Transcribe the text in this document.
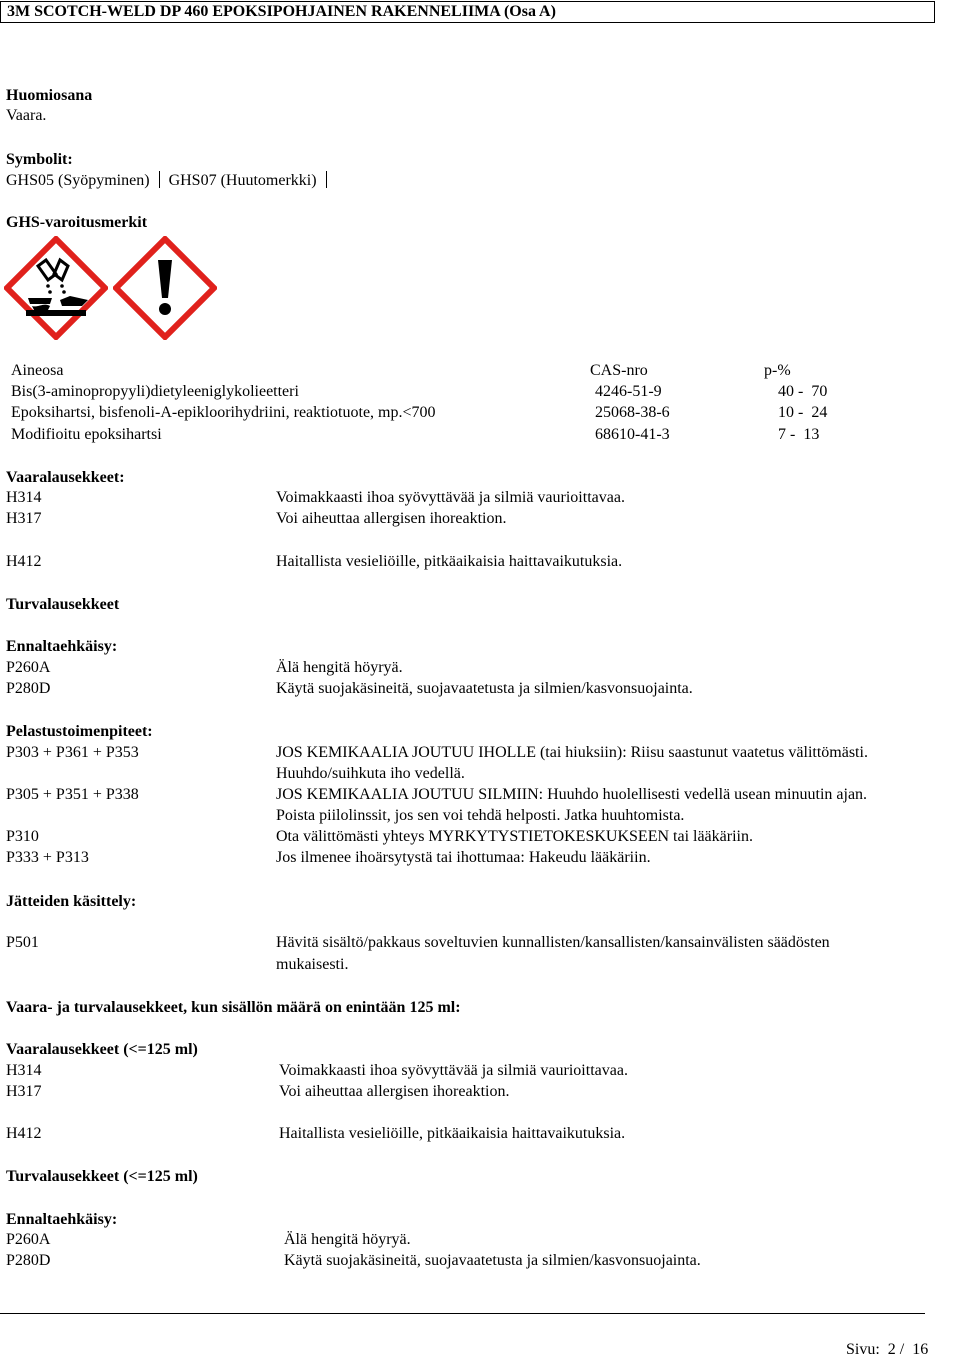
3M SCOTCH-WELD DP 460 EPOKSIPOHJAINEN RAKENNELIIMA (Osa A)
Huomiosana
Vaara.
Symbolit:
GHS05 (Syöpyminen) GHS07 (Huutomerkki)
GHS-varoitusmerkit
Aineosa	CAS-nro	p-%
Bis(3-aminopropyyli)dietyleeniglykolieetteri	4246-51-9	40 -  70
Epoksihartsi, bisfenoli-A-epikloorihydriini, reaktiotuote, mp.<700	25068-38-6	10 -  24
Modifioitu epoksihartsi	68610-41-3	7 -  13
Vaaralausekkeet:
H314	Voimakkaasti ihoa syövyttävää ja silmiä vaurioittavaa.
H317	Voi aiheuttaa allergisen ihoreaktion.
H412	Haitallista vesieliöille, pitkäaikaisia haittavaikutuksia.
Turvalausekkeet
Ennaltaehkäisy:
P260A	Älä hengitä höyryä.
P280D	Käytä suojakäsineitä, suojavaatetusta ja silmien/kasvonsuojainta.
Pelastustoimenpiteet:
P303 + P361 + P353	JOS KEMIKAALIA JOUTUU IHOLLE (tai hiuksiin): Riisu saastunut vaatetus välittömästi.
Huuhdo/suihkuta iho vedellä.
P305 + P351 + P338	JOS KEMIKAALIA JOUTUU SILMIIN: Huuhdo huolellisesti vedellä usean minuutin ajan.
Poista piilolinssit, jos sen voi tehdä helposti. Jatka huuhtomista.
P310	Ota välittömästi yhteys MYRKYTYSTIETOKESKUKSEEN tai lääkäriin.
P333 + P313	Jos ilmenee ihoärsytystä tai ihottumaa: Hakeudu lääkäriin.
Jätteiden käsittely:
P501	Hävitä sisältö/pakkaus soveltuvien kunnallisten/kansallisten/kansainvälisten säädösten
mukaisesti.
Vaara- ja turvalausekkeet, kun sisällön määrä on enintään 125 ml:
Vaaralausekkeet (<=125 ml)
H314	Voimakkaasti ihoa syövyttävää ja silmiä vaurioittavaa.
H317	Voi aiheuttaa allergisen ihoreaktion.
H412	Haitallista vesieliöille, pitkäaikaisia haittavaikutuksia.
Turvalausekkeet (<=125 ml)
Ennaltaehkäisy:
P260A	Älä hengitä höyryä.
P280D	Käytä suojakäsineitä, suojavaatetusta ja silmien/kasvonsuojainta.
Sivu:  2 /  16
